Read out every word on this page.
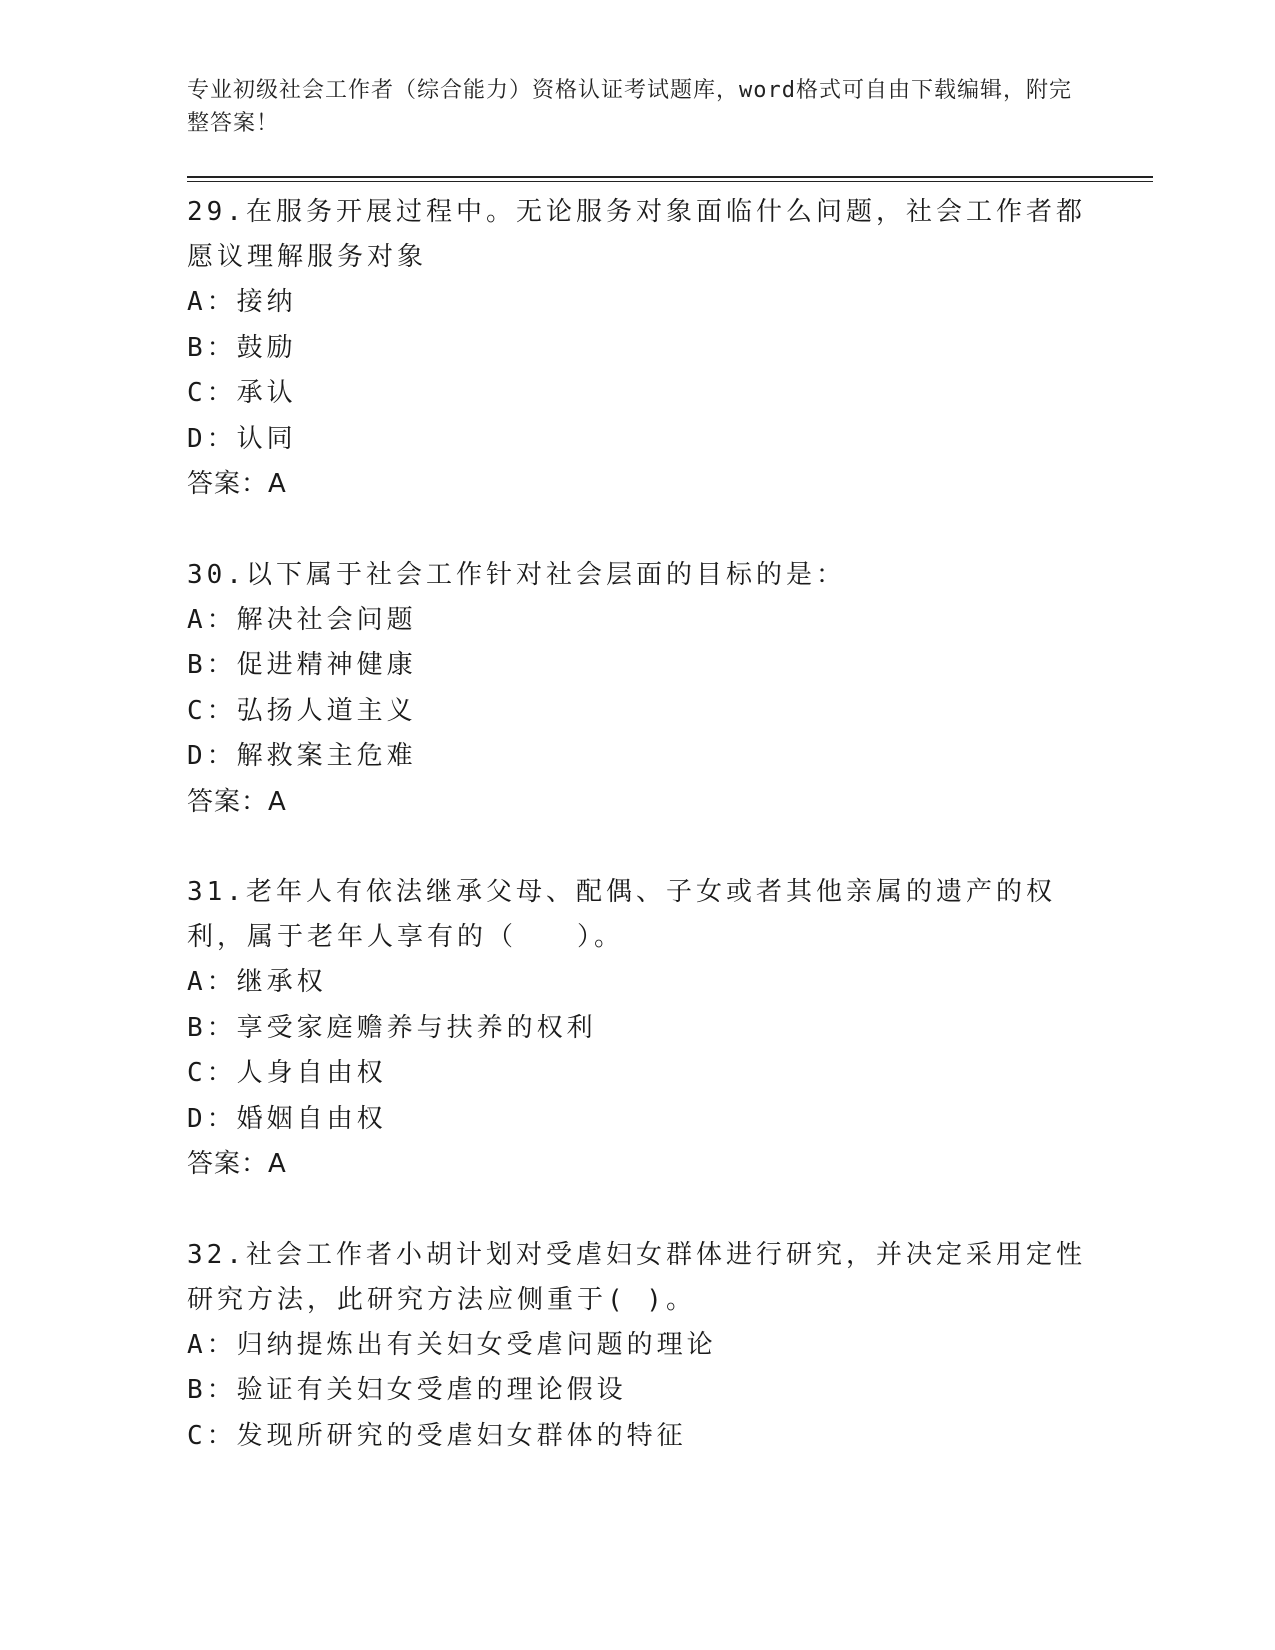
专业初级社会工作者（综合能力）资格认证考试题库，word格式可自由下载编辑，附完整答案！
29.在服务开展过程中。无论服务对象面临什么问题，社会工作者都愿议理解服务对象
A：接纳
B：鼓励
C：承认
D：认同
答案：A
30.以下属于社会工作针对社会层面的目标的是：
A：解决社会问题
B：促进精神健康
C：弘扬人道主义
D：解救案主危难
答案：A
31.老年人有依法继承父母、配偶、子女或者其他亲属的遗产的权利，属于老年人享有的（　　）。
A：继承权
B：享受家庭赡养与扶养的权利
C：人身自由权
D：婚姻自由权
答案：A
32.社会工作者小胡计划对受虐妇女群体进行研究，并决定采用定性研究方法，此研究方法应侧重于( )。
A：归纳提炼出有关妇女受虐问题的理论
B：验证有关妇女受虐的理论假设
C：发现所研究的受虐妇女群体的特征
